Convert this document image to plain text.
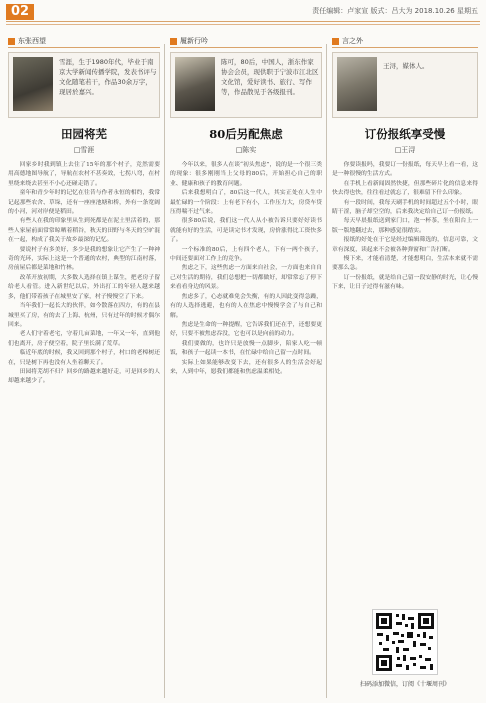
02	责任编辑：卢家宣 版式：吕大为 2018.10.26 星期五
东张西望
雪涯，生于1980年代，毕业于南京大学新闻传播学院，发表书评与文化随笔若干，作品30余万字，现居於嘉兴。
田园将芜
□雪涯

回家乡时我到镇上去住了15年的那个村子，竞然需要用高德地图导航了，导航在农村不甚奏效，七拐八弯，在村里绕来绕去甚至不小心还碰走错了。

童年和青少年时的记忆在往昔与作者永恒的相约，我常记起那些农舍、草垛，还有一座座池塘和桥，外有一条宽阔的小河，河对岸便是稻田。

有些人在我的印象里从生到死都是在泥土里活着的，那些人家屋前面常常晾晒着稻谷，秋天的田野与冬天的空旷混在一起，构成了我关于故乡最深的记忆。

要说村子有多美好，多少是我的想象让它产生了一种神奇的光环，实际上这是一个普通的农村，典型的江南村落，房前屋后都是菜地和竹林。

改革开放初期，大多数人选择在镇上谋生，把老房子留给老人看管。进入新世纪以后，外出打工的年轻人越来越多，他们带着孩子在城里安了家，村子慢慢空了下来。

当年我们一起长大的伙伴，如今散落在四方，有的在县城里买了房，有的去了上海、杭州，只有过年的时候才偶尔回来。

老人们守着老宅，守着几亩菜地，一年又一年，直到他们也离开，房子便空着，院子里长满了荒草。

临近年底的时候，我又回到那个村子，村口的老樟树还在，只是树下再也没有人坐着聊天了。

田园将芜胡不归？回乡的路越来越好走，可是回乡的人却越来越少了。

履新行吟
陈可，80后，中国人，浙东作家协会会员，现供职于宁波市江北区文化馆，爱好读书、旅行、写作等，作品散见于各级报刊。
80后另配焦虑
□陈实

今年以来，很多人在谈“初头焦虑”，说的是一个很三类的现象：很多刚刚当上父母的80后，开始担心自己的职业、健康和孩子的教育问题。

后来我想明白了，80后这一代人，其实正处在人生中最忙碌的一个阶段：上有老下有小，工作压力大，房贷车贷压得喘不过气来。

很多80后说，我们这一代人从小被告诉只要好好读书就能有好的生活，可是读完书才发现，房价涨得比工资快多了。

一个标准的80后，上有四个老人，下有一两个孩子，中间还要面对工作上的竞争。

焦虑之下，这些焦虑一方面来自社会，一方面也来自自己对生活的期待，我们总想把一切都做好，却常常忘了停下来看看身边的风景。

焦虑多了，心态就难免会失衡，有的人因此变得急躁，有的人选择逃避，也有的人在焦虑中慢慢学会了与自己和解。

焦虑是生命的一种提醒，它告诉我们还在乎，还想要更好，只要不被焦虑吞没，它也可以是向前的动力。

我们要做的，也许只是放慢一点脚步，陪家人吃一顿饭，和孩子一起读一本书，在忙碌中给自己留一点时间。

实际上如果能够改变下去，还有很多人的生活会好起来，人到中年，愿我们都能和焦虑温柔相处。

言之外
王浔，媒体人。
订份报纸享受慢
□王浔

你要读报吗，我要订一份报纸，每天早上看一看，这是一种很慢的生活方式。

在手机上看新闻固然快捷，但那些碎片化的信息来得快去得也快，往往看过就忘了，很难留下什么印象。

有一段时间，我每天刷手机的时间超过五个小时，眼睛干涩，脑子却空空的，后来我决定给自己订一份报纸。

每天早晨报纸送到家门口，泡一杯茶，坐在阳台上一版一版地翻过去，那种感觉很踏实。

报纸的好处在于它是经过编辑筛选的，信息可靠，文章有深度，读起来不会被各种弹窗和广告打断。

慢下来，才能看清楚，才能想明白，生活本来就不需要那么急。

订一份报纸，就是给自己留一段安静的时光，让心慢下来，让日子过得有滋有味。

扫码添加微信，订阅《十堰周刊》
